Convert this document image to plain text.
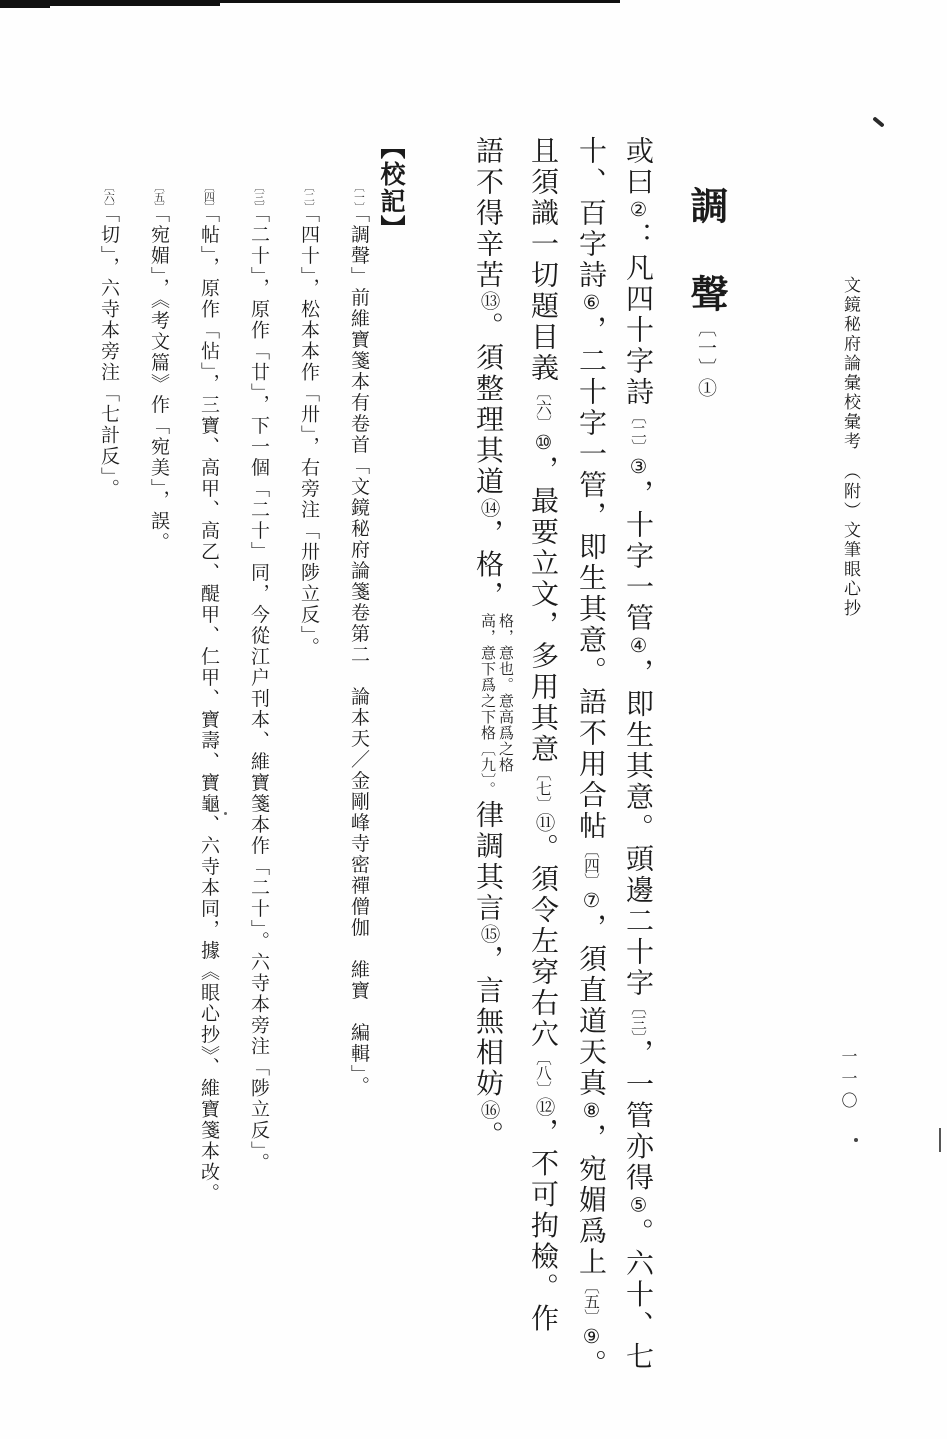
文鏡秘府論彙校彙考　（附）文筆眼心抄
一一〇
調　聲〔一〕①
或曰②：凡四十字詩〔二〕③，十字一管④，即生其意。頭邊二十字〔三〕，一管亦得⑤。六十、七
十、百字詩⑥，二十字一管，即生其意。語不用合帖〔四〕⑦，須直道天真⑧，宛媚爲上〔五〕⑨。
且須識一切題目義〔六〕⑩，最要立文，多用其意〔七〕⑪。須令左穿右穴〔八〕⑫，不可拘檢。作
語不得辛苦⑬。須整理其道⑭，格，
格，意也。意高爲之格
高，意下爲之下格〔九〕。
律調其言⑮，言無相妨⑯。
【校記】
〔一〕「調聲」前維寶箋本有卷首「文鏡秘府論箋卷第二　論本天／金剛峰寺密禪僧伽　維寶　編輯」。
〔二〕「四十」，松本本作「卅」，右旁注「卅陟立反」。
〔三〕「二十」，原作「廿」，下一個「二十」同，今從江户刊本、維寶箋本作「二十」。六寺本旁注「陟立反」。
〔四〕「帖」，原作「怗」，三寶、高甲、高乙、醍甲、仁甲、寶壽、寶龜、六寺本同，據《眼心抄》、維寶箋本改。
〔五〕「宛媚」，《考文篇》作「宛美」，誤。
〔六〕「切」，六寺本旁注「七計反」。
